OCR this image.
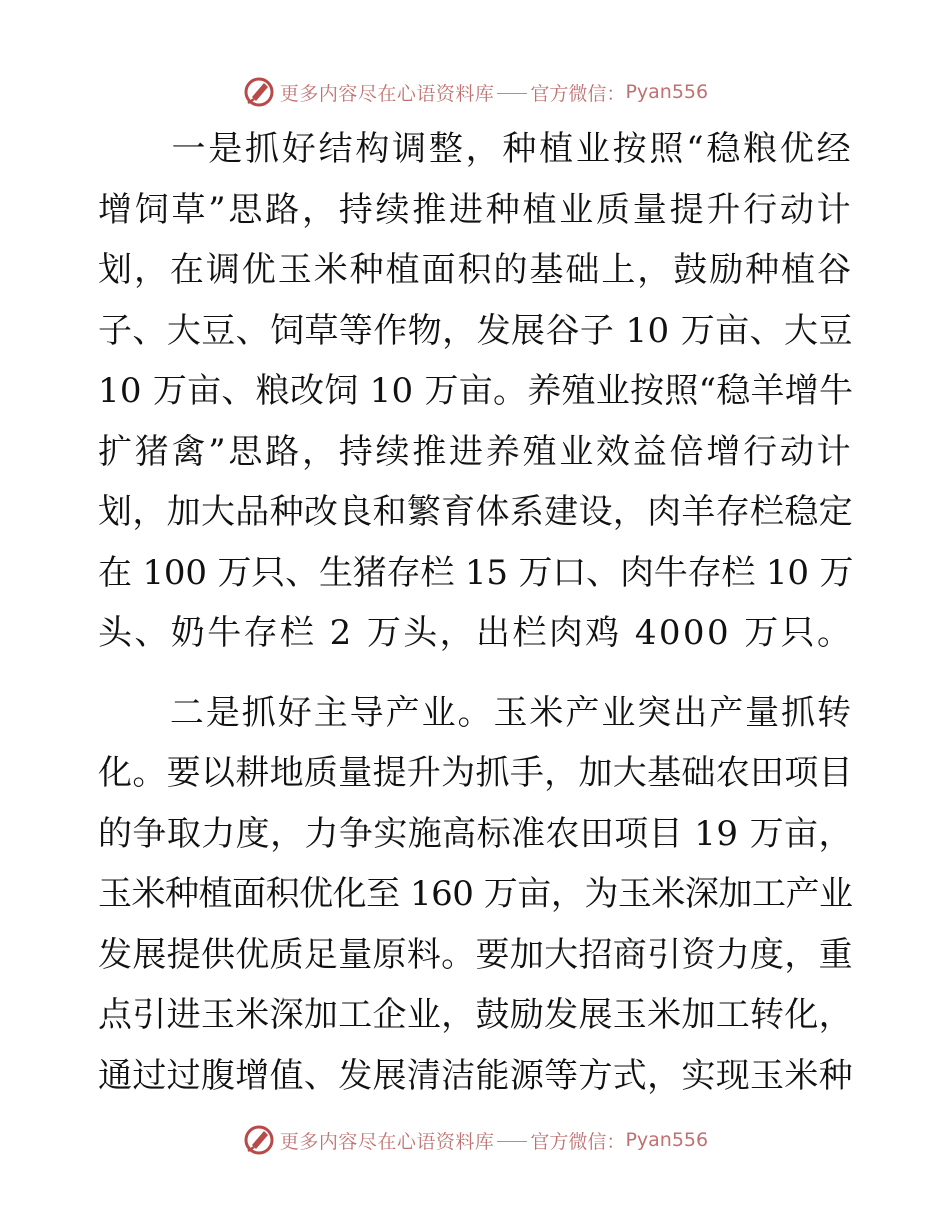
更多内容尽在心语资料库 官方微信： Pyan556

　　一是抓好结构调整，种植业按照“稳粮优经
增饲草”思路，持续推进种植业质量提升行动计
划，在调优玉米种植面积的基础上，鼓励种植谷
子、大豆、饲草等作物，发展谷子 10 万亩、大豆
10 万亩、粮改饲 10 万亩。养殖业按照“稳羊增牛
扩猪禽”思路，持续推进养殖业效益倍增行动计
划，加大品种改良和繁育体系建设，肉羊存栏稳定
在 100 万只、生猪存栏 15 万口、肉牛存栏 10 万
头、奶牛存栏 2 万头，出栏肉鸡 4000 万只。

　　二是抓好主导产业。玉米产业突出产量抓转
化。要以耕地质量提升为抓手，加大基础农田项目
的争取力度，力争实施高标准农田项目 19 万亩，
玉米种植面积优化至 160 万亩，为玉米深加工产业
发展提供优质足量原料。要加大招商引资力度，重
点引进玉米深加工企业，鼓励发展玉米加工转化，
通过过腹增值、发展清洁能源等方式，实现玉米种

更多内容尽在心语资料库 官方微信： Pyan556
